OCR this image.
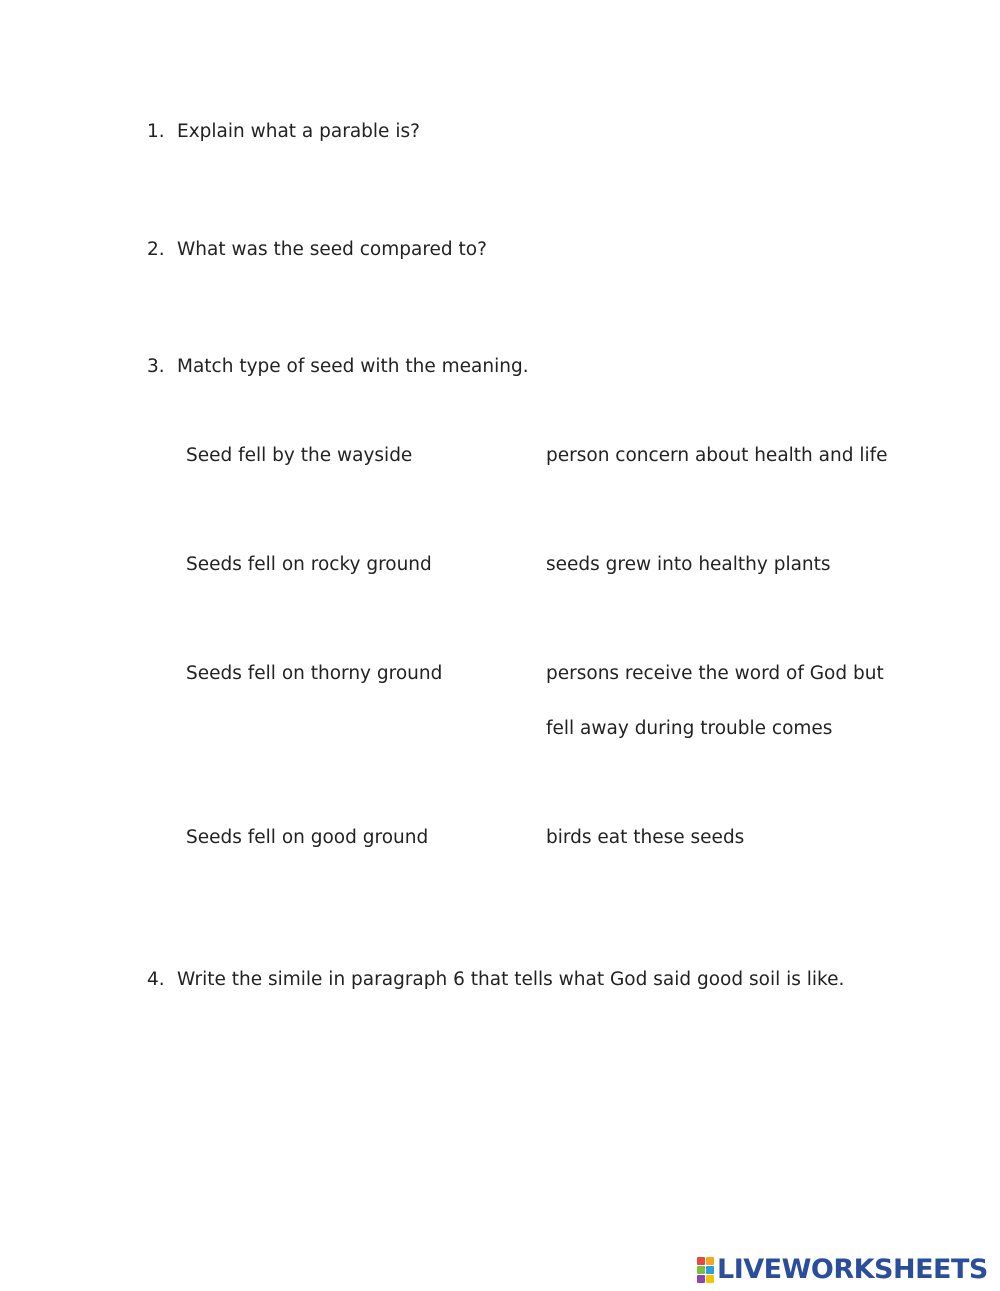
1. Explain what a parable is?
2. What was the seed compared to?
3. Match type of seed with the meaning.
Seed fell by the wayside
Seeds fell on rocky ground
Seeds fell on thorny ground
Seeds fell on good ground
person concern about health and life
seeds grew into healthy plants
persons receive the word of God but
fell away during trouble comes
birds eat these seeds
4. Write the simile in paragraph 6 that tells what God said good soil is like.
LIVEWORKSHEETS
